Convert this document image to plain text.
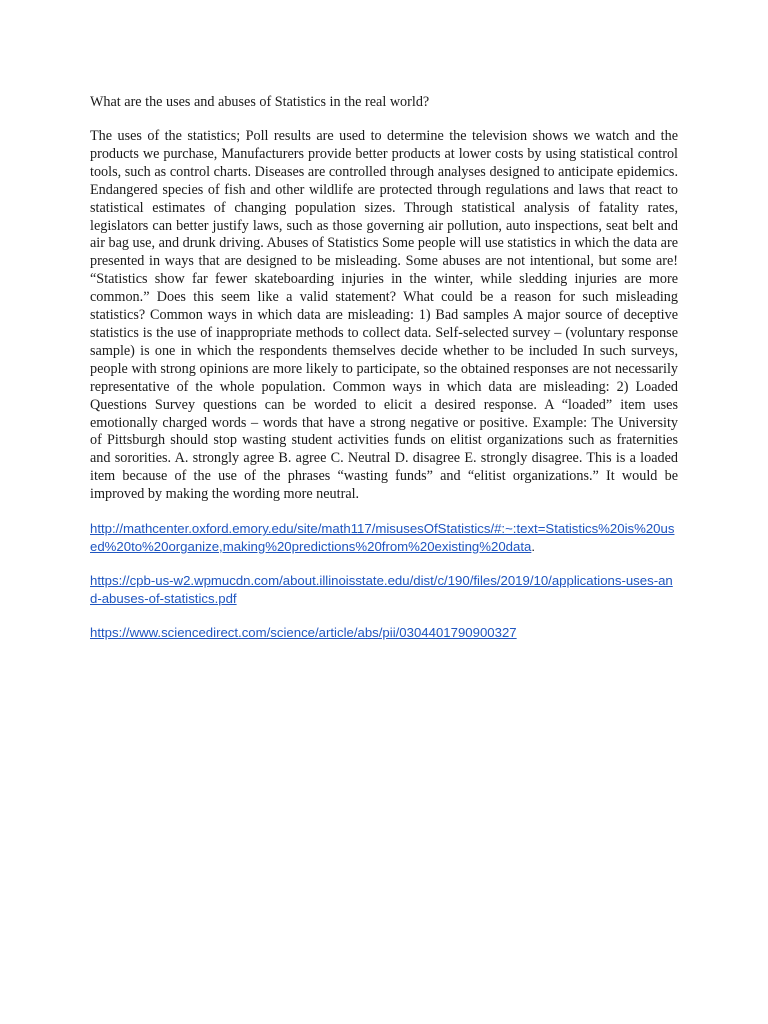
What are the uses and abuses of Statistics in the real world?

The uses of the statistics; Poll results are used to determine the television shows we watch and the products we purchase, Manufacturers provide better products at lower costs by using statistical control tools, such as control charts. Diseases are controlled through analyses designed to anticipate epidemics. Endangered species of fish and other wildlife are protected through regulations and laws that react to statistical estimates of changing population sizes. Through statistical analysis of fatality rates, legislators can better justify laws, such as those governing air pollution, auto inspections, seat belt and air bag use, and drunk driving. Abuses of Statistics Some people will use statistics in which the data are presented in ways that are designed to be misleading. Some abuses are not intentional, but some are! “Statistics show far fewer skateboarding injuries in the winter, while sledding injuries are more common.” Does this seem like a valid statement? What could be a reason for such misleading statistics? Common ways in which data are misleading: 1) Bad samples A major source of deceptive statistics is the use of inappropriate methods to collect data. Self-selected survey – (voluntary response sample) is one in which the respondents themselves decide whether to be included In such surveys, people with strong opinions are more likely to participate, so the obtained responses are not necessarily representative of the whole population. Common ways in which data are misleading: 2) Loaded Questions Survey questions can be worded to elicit a desired response. A “loaded” item uses emotionally charged words – words that have a strong negative or positive. Example: The University of Pittsburgh should stop wasting student activities funds on elitist organizations such as fraternities and sororities. A. strongly agree B. agree C. Neutral D. disagree E. strongly disagree. This is a loaded item because of the use of the phrases “wasting funds” and “elitist organizations.” It would be improved by making the wording more neutral.

http://mathcenter.oxford.emory.edu/site/math117/misusesOfStatistics/#:~:text=Statistics%20is%20used%20to%20organize,making%20predictions%20from%20existing%20data.
https://cpb-us-w2.wpmucdn.com/about.illinoisstate.edu/dist/c/190/files/2019/10/applications-uses-and-abuses-of-statistics.pdf
https://www.sciencedirect.com/science/article/abs/pii/0304401790900327
